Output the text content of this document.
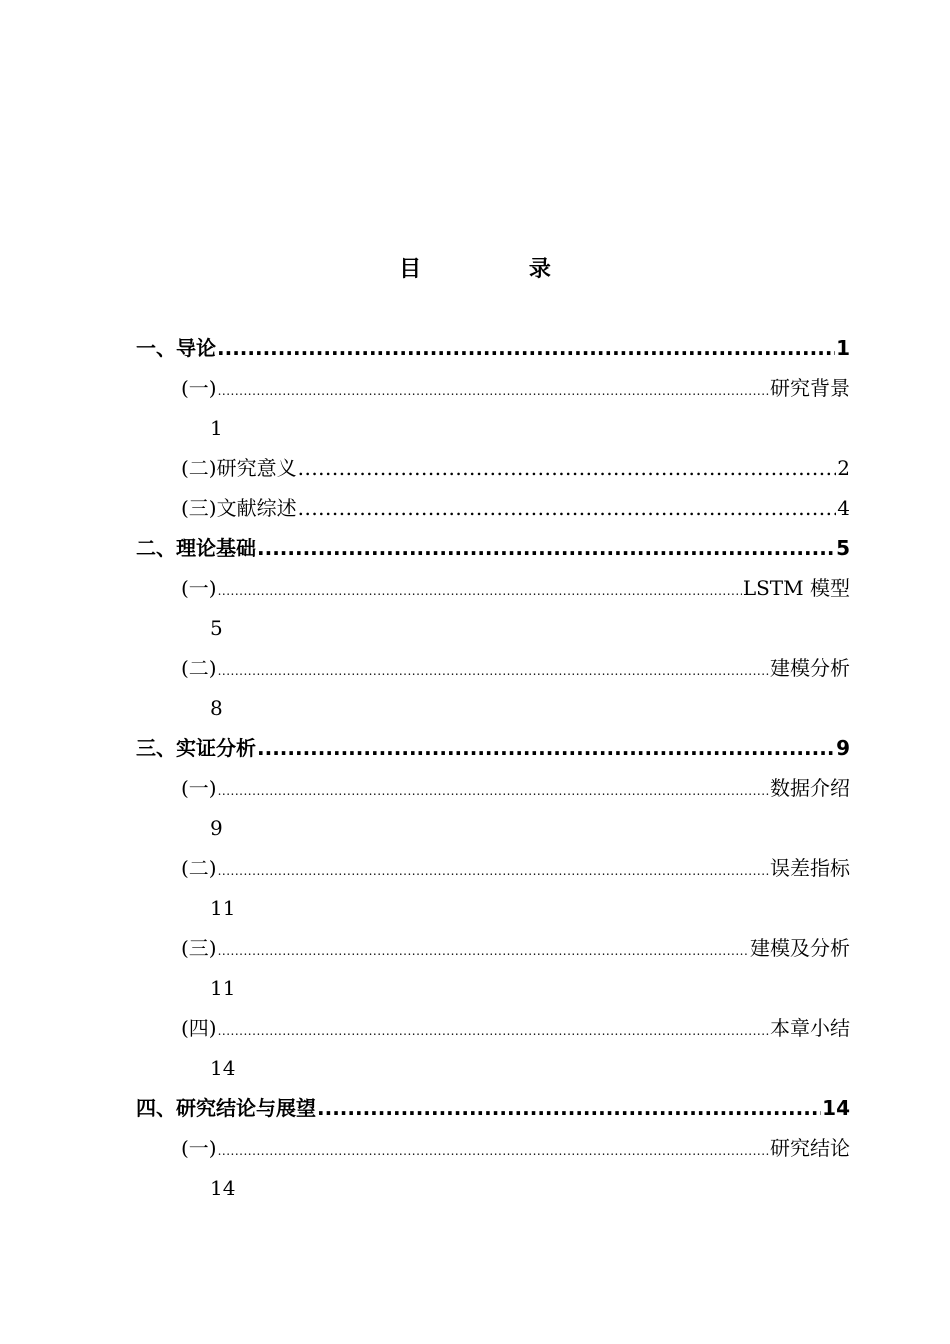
目 录
一、导论 .....	1
(一) .....	研究背景
1
(二) 研究意义 .....	2
(三) 文献综述 .....	4
二、理论基础 .....	5
(一) .....	LSTM 模型
5
(二) .....	建模分析
8
三、实证分析 .....	9
(一) .....	数据介绍
9
(二) .....	误差指标
11
(三) .....	建模及分析
11
(四) .....	本章小结
14
四、研究结论与展望 .....	14
(一) .....	研究结论
14
